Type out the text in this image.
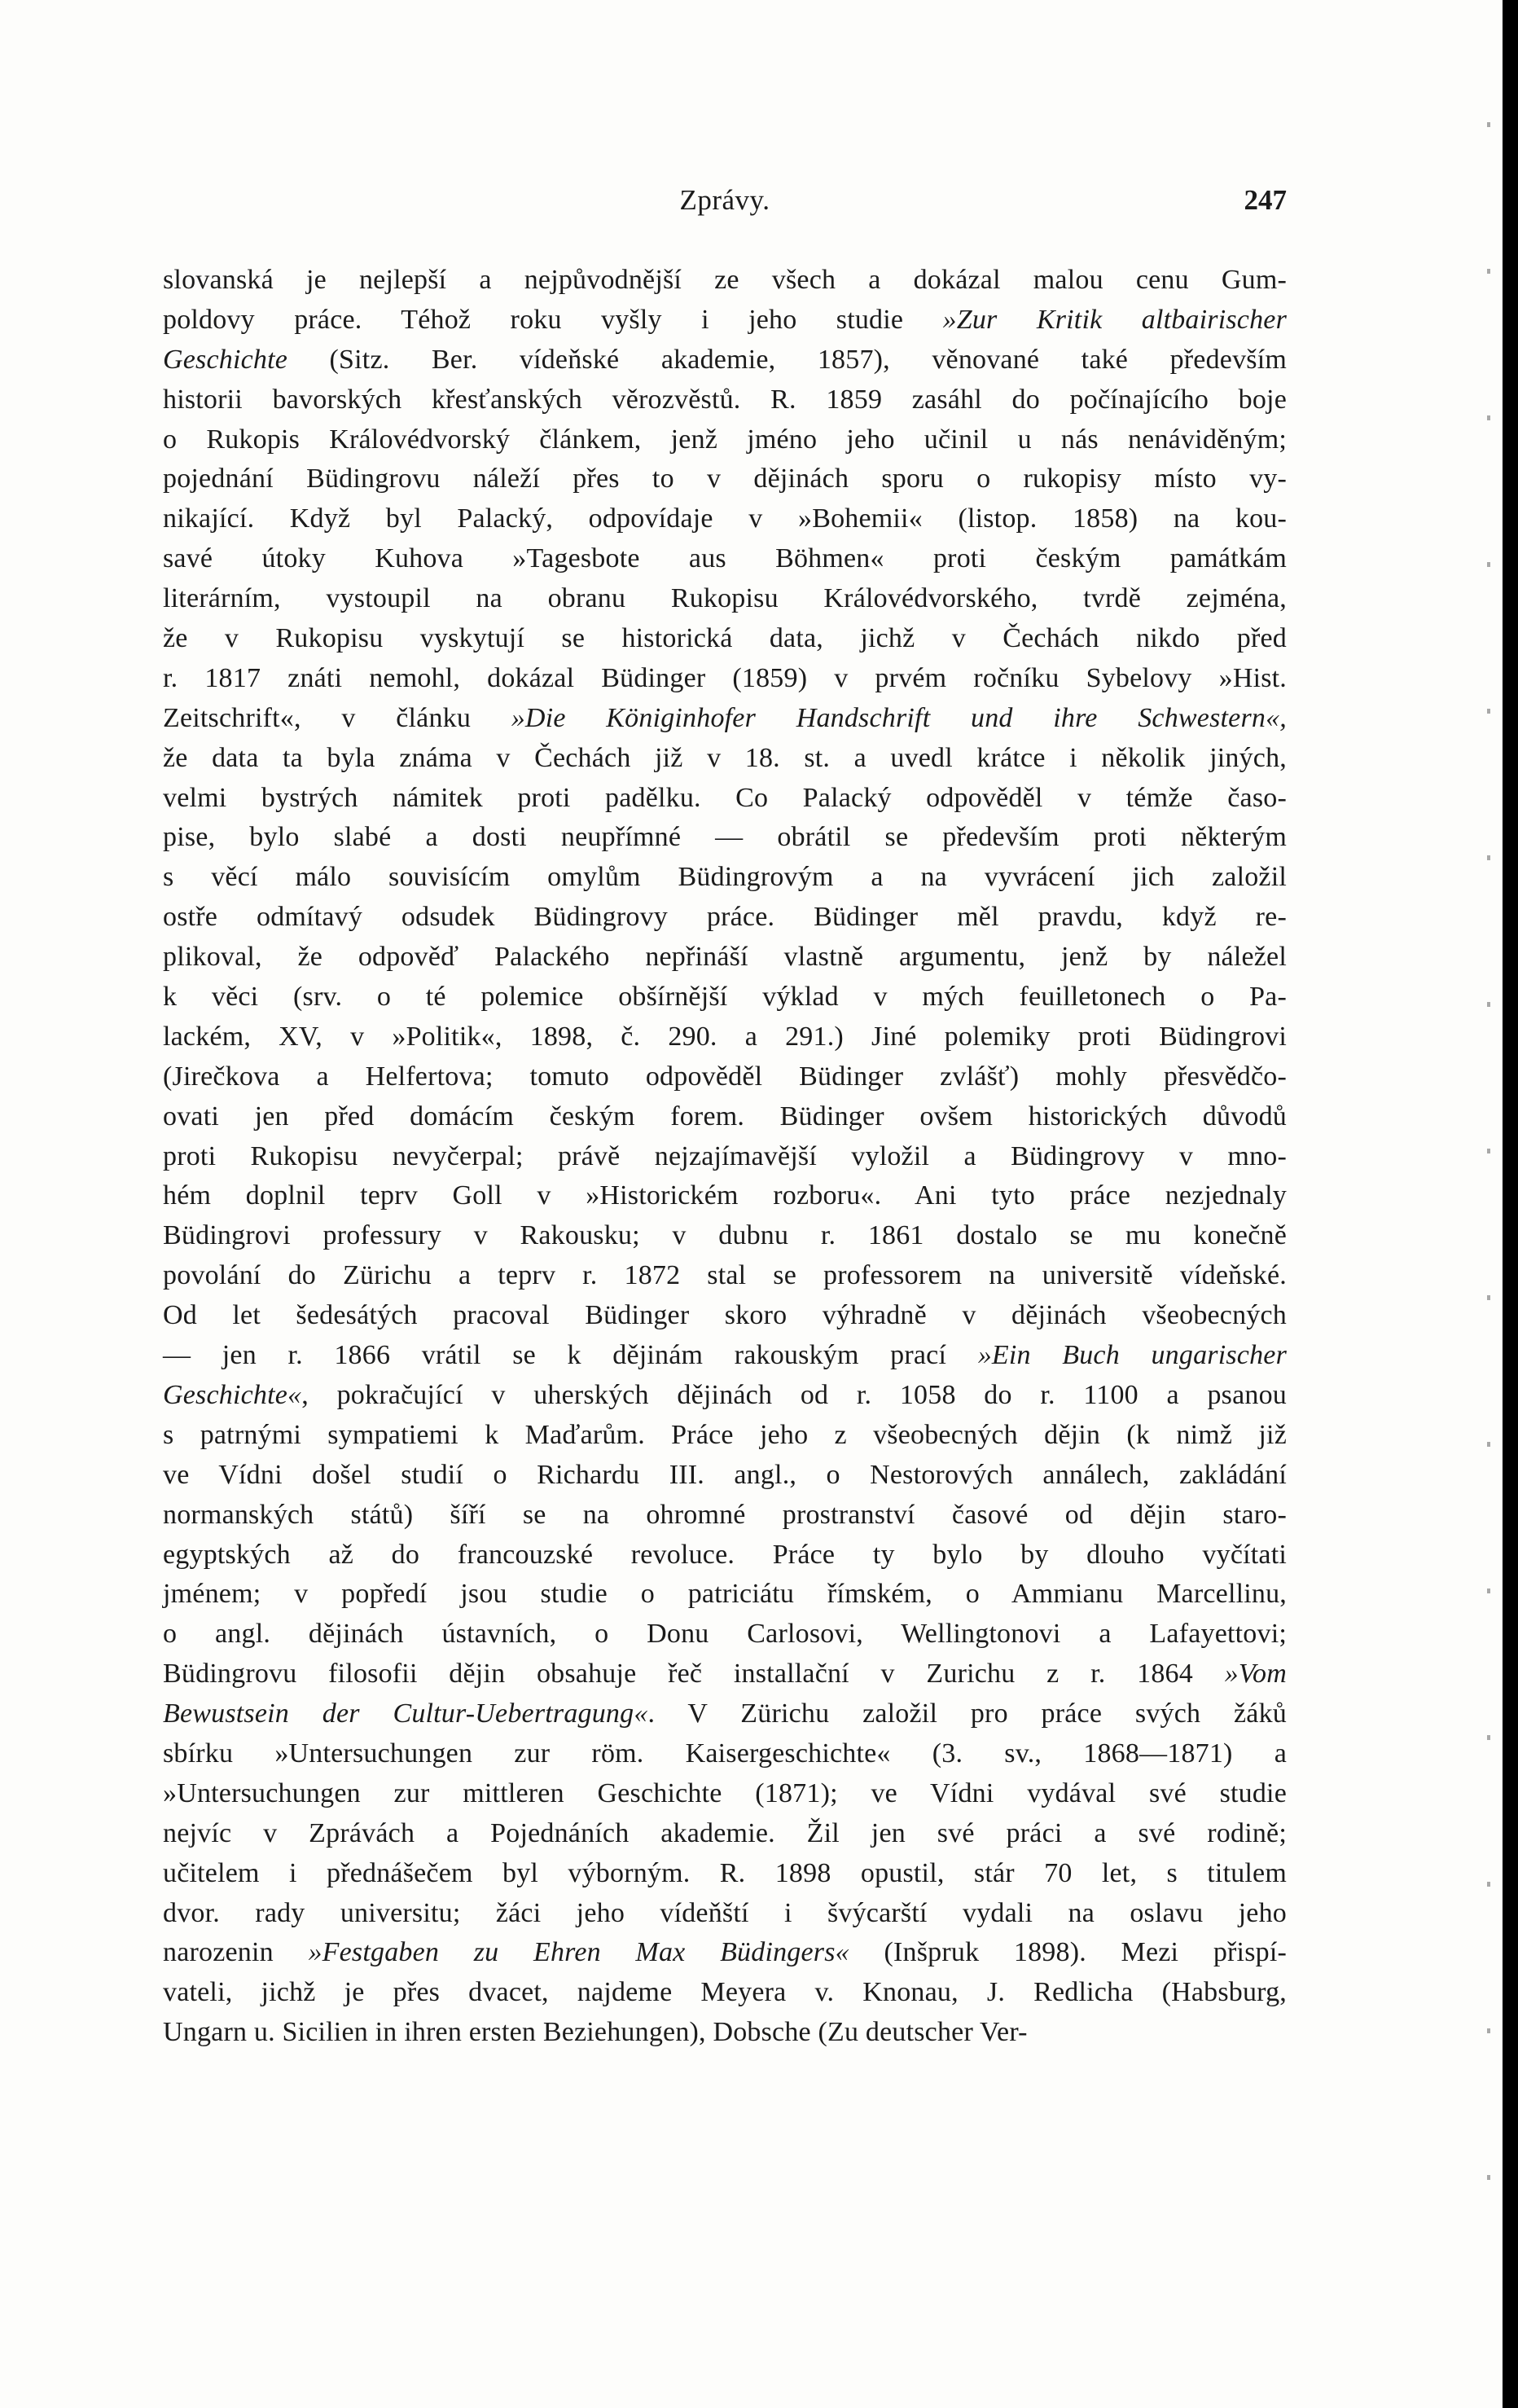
Zprávy.	247
slovanská je nejlepší a nejpůvodnější ze všech a dokázal malou cenu Gum-
poldovy práce. Téhož roku vyšly i jeho studie »Zur Kritik altbairischer
Geschichte (Sitz. Ber. vídeňské akademie, 1857), věnované také především
historii bavorských křesťanských věrozvěstů. R. 1859 zasáhl do počínajícího boje
o Rukopis Královédvorský článkem, jenž jméno jeho učinil u nás nenáviděným;
pojednání Büdingrovu náleží přes to v dějinách sporu o rukopisy místo vy-
nikající. Když byl Palacký, odpovídaje v »Bohemii« (listop. 1858) na kou-
savé útoky Kuhova »Tagesbote aus Böhmen« proti českým památkám
literárním, vystoupil na obranu Rukopisu Královédvorského, tvrdě zejména,
že v Rukopisu vyskytují se historická data, jichž v Čechách nikdo před
r. 1817 znáti nemohl, dokázal Büdinger (1859) v prvém ročníku Sybelovy »Hist.
Zeitschrift«, v článku »Die Königinhofer Handschrift und ihre Schwestern«,
že data ta byla známa v Čechách již v 18. st. a uvedl krátce i několik jiných,
velmi bystrých námitek proti padělku. Co Palacký odpověděl v témže časo-
pise, bylo slabé a dosti neupřímné — obrátil se především proti některým
s věcí málo souvisícím omylům Büdingrovým a na vyvrácení jich založil
ostře odmítavý odsudek Büdingrovy práce. Büdinger měl pravdu, když re-
plikoval, že odpověď Palackého nepřináší vlastně argumentu, jenž by náležel
k věci (srv. o té polemice obšírnější výklad v mých feuilletonech o Pa-
lackém, XV, v »Politik«, 1898, č. 290. a 291.) Jiné polemiky proti Büdingrovi
(Jirečkova a Helfertova; tomuto odpověděl Büdinger zvlášť) mohly přesvědčo-
ovati jen před domácím českým forem. Büdinger ovšem historických důvodů
proti Rukopisu nevyčerpal; právě nejzajímavější vyložil a Büdingrovy v mno-
hém doplnil teprv Goll v »Historickém rozboru«. Ani tyto práce nezjednaly
Büdingrovi professury v Rakousku; v dubnu r. 1861 dostalo se mu konečně
povolání do Zürichu a teprv r. 1872 stal se professorem na universitě vídeňské.
Od let šedesátých pracoval Büdinger skoro výhradně v dějinách všeobecných
— jen r. 1866 vrátil se k dějinám rakouským prací »Ein Buch ungarischer
Geschichte«, pokračující v uherských dějinách od r. 1058 do r. 1100 a psanou
s patrnými sympatiemi k Maďarům. Práce jeho z všeobecných dějin (k nimž již
ve Vídni došel studií o Richardu III. angl., o Nestorových annálech, zakládání
normanských států) šíří se na ohromné prostranství časové od dějin staro-
egyptských až do francouzské revoluce. Práce ty bylo by dlouho vyčítati
jménem; v popředí jsou studie o patriciátu římském, o Ammianu Marcellinu,
o angl. dějinách ústavních, o Donu Carlosovi, Wellingtonovi a Lafayettovi;
Büdingrovu filosofii dějin obsahuje řeč installační v Zurichu z r. 1864 »Vom
Bewustsein der Cultur-Uebertragung«. V Zürichu založil pro práce svých žáků
sbírku »Untersuchungen zur röm. Kaisergeschichte« (3. sv., 1868—1871) a
»Untersuchungen zur mittleren Geschichte (1871); ve Vídni vydával své studie
nejvíc v Zprávách a Pojednáních akademie. Žil jen své práci a své rodině;
učitelem i přednášečem byl výborným. R. 1898 opustil, stár 70 let, s titulem
dvor. rady universitu; žáci jeho vídeňští i švýcarští vydali na oslavu jeho
narozenin »Festgaben zu Ehren Max Büdingers« (Inšpruk 1898). Mezi přispí-
vateli, jichž je přes dvacet, najdeme Meyera v. Knonau, J. Redlicha (Habsburg,
Ungarn u. Sicilien in ihren ersten Beziehungen), Dobsche (Zu deutscher Ver-
